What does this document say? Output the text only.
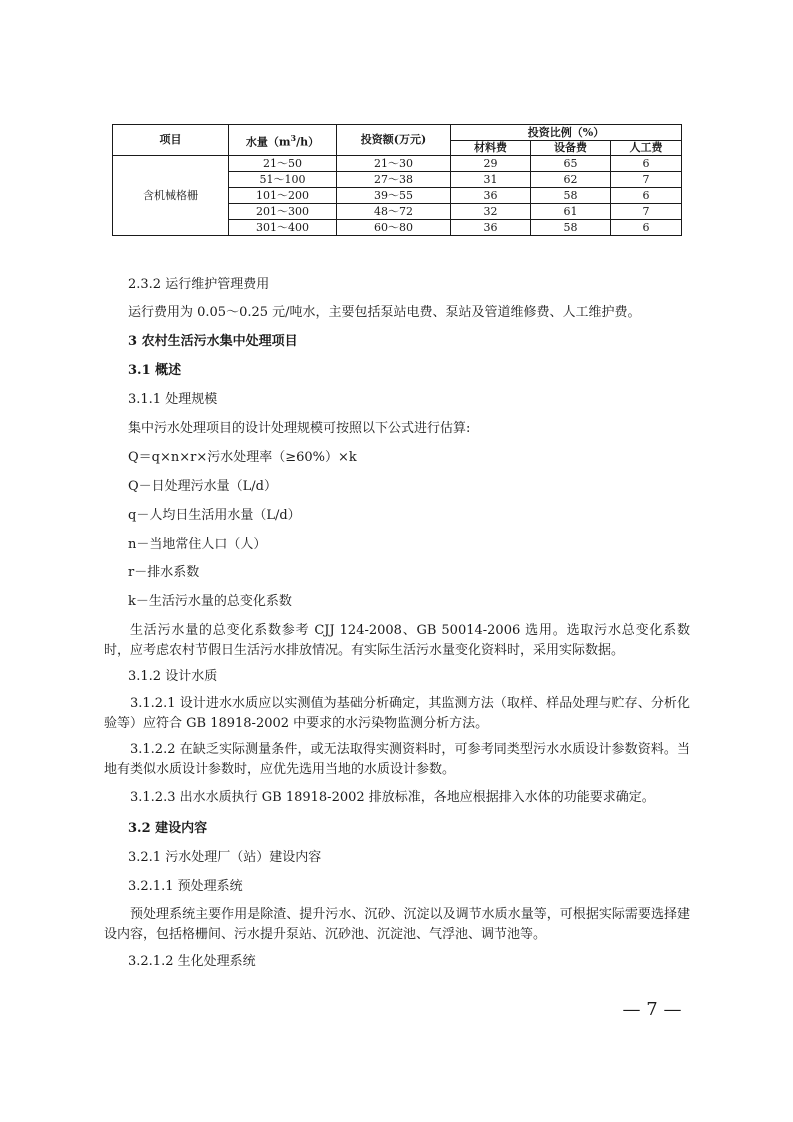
项目	水量$(m^3/h)$	投资额(万元)	投资比例（%）		
			材料费	设备费	人工费
含机械格栅	21～50	21～30	29	65	6
	51～100	27～38	31	62	7
	101～200	39～55	36	58	6
	201～300	48～72	32	61	7
	301～400	60～80	36	58	6
2.3.2 运行维护管理费用
运行费用为 0.05～0.25 元/吨水，主要包括泵站电费、泵站及管道维修费、人工维护费。
3 农村生活污水集中处理项目
3.1 概述
3.1.1 处理规模
集中污水处理项目的设计处理规模可按照以下公式进行估算:
Q＝q×n×r×污水处理率（≥60%）×k
Q－日处理污水量（L/d）
q－人均日生活用水量（L/d）
n－当地常住人口（人）
r－排水系数
k－生活污水量的总变化系数
生活污水量的总变化系数参考 CJJ 124-2008、GB 50014-2006 选用。选取污水总变化系数时，应考虑农村节假日生活污水排放情况。有实际生活污水量变化资料时，采用实际数据。
3.1.2 设计水质
3.1.2.1 设计进水水质应以实测值为基础分析确定，其监测方法（取样、样品处理与贮存、分析化验等）应符合 GB 18918-2002 中要求的水污染物监测分析方法。
3.1.2.2 在缺乏实际测量条件，或无法取得实测资料时，可参考同类型污水水质设计参数资料。当地有类似水质设计参数时，应优先选用当地的水质设计参数。
3.1.2.3 出水水质执行 GB 18918-2002 排放标准，各地应根据排入水体的功能要求确定。
3.2 建设内容
3.2.1 污水处理厂（站）建设内容
3.2.1.1 预处理系统
预处理系统主要作用是除渣、提升污水、沉砂、沉淀以及调节水质水量等，可根据实际需要选择建设内容，包括格栅间、污水提升泵站、沉砂池、沉淀池、气浮池、调节池等。
3.2.1.2 生化处理系统
— 7 —
